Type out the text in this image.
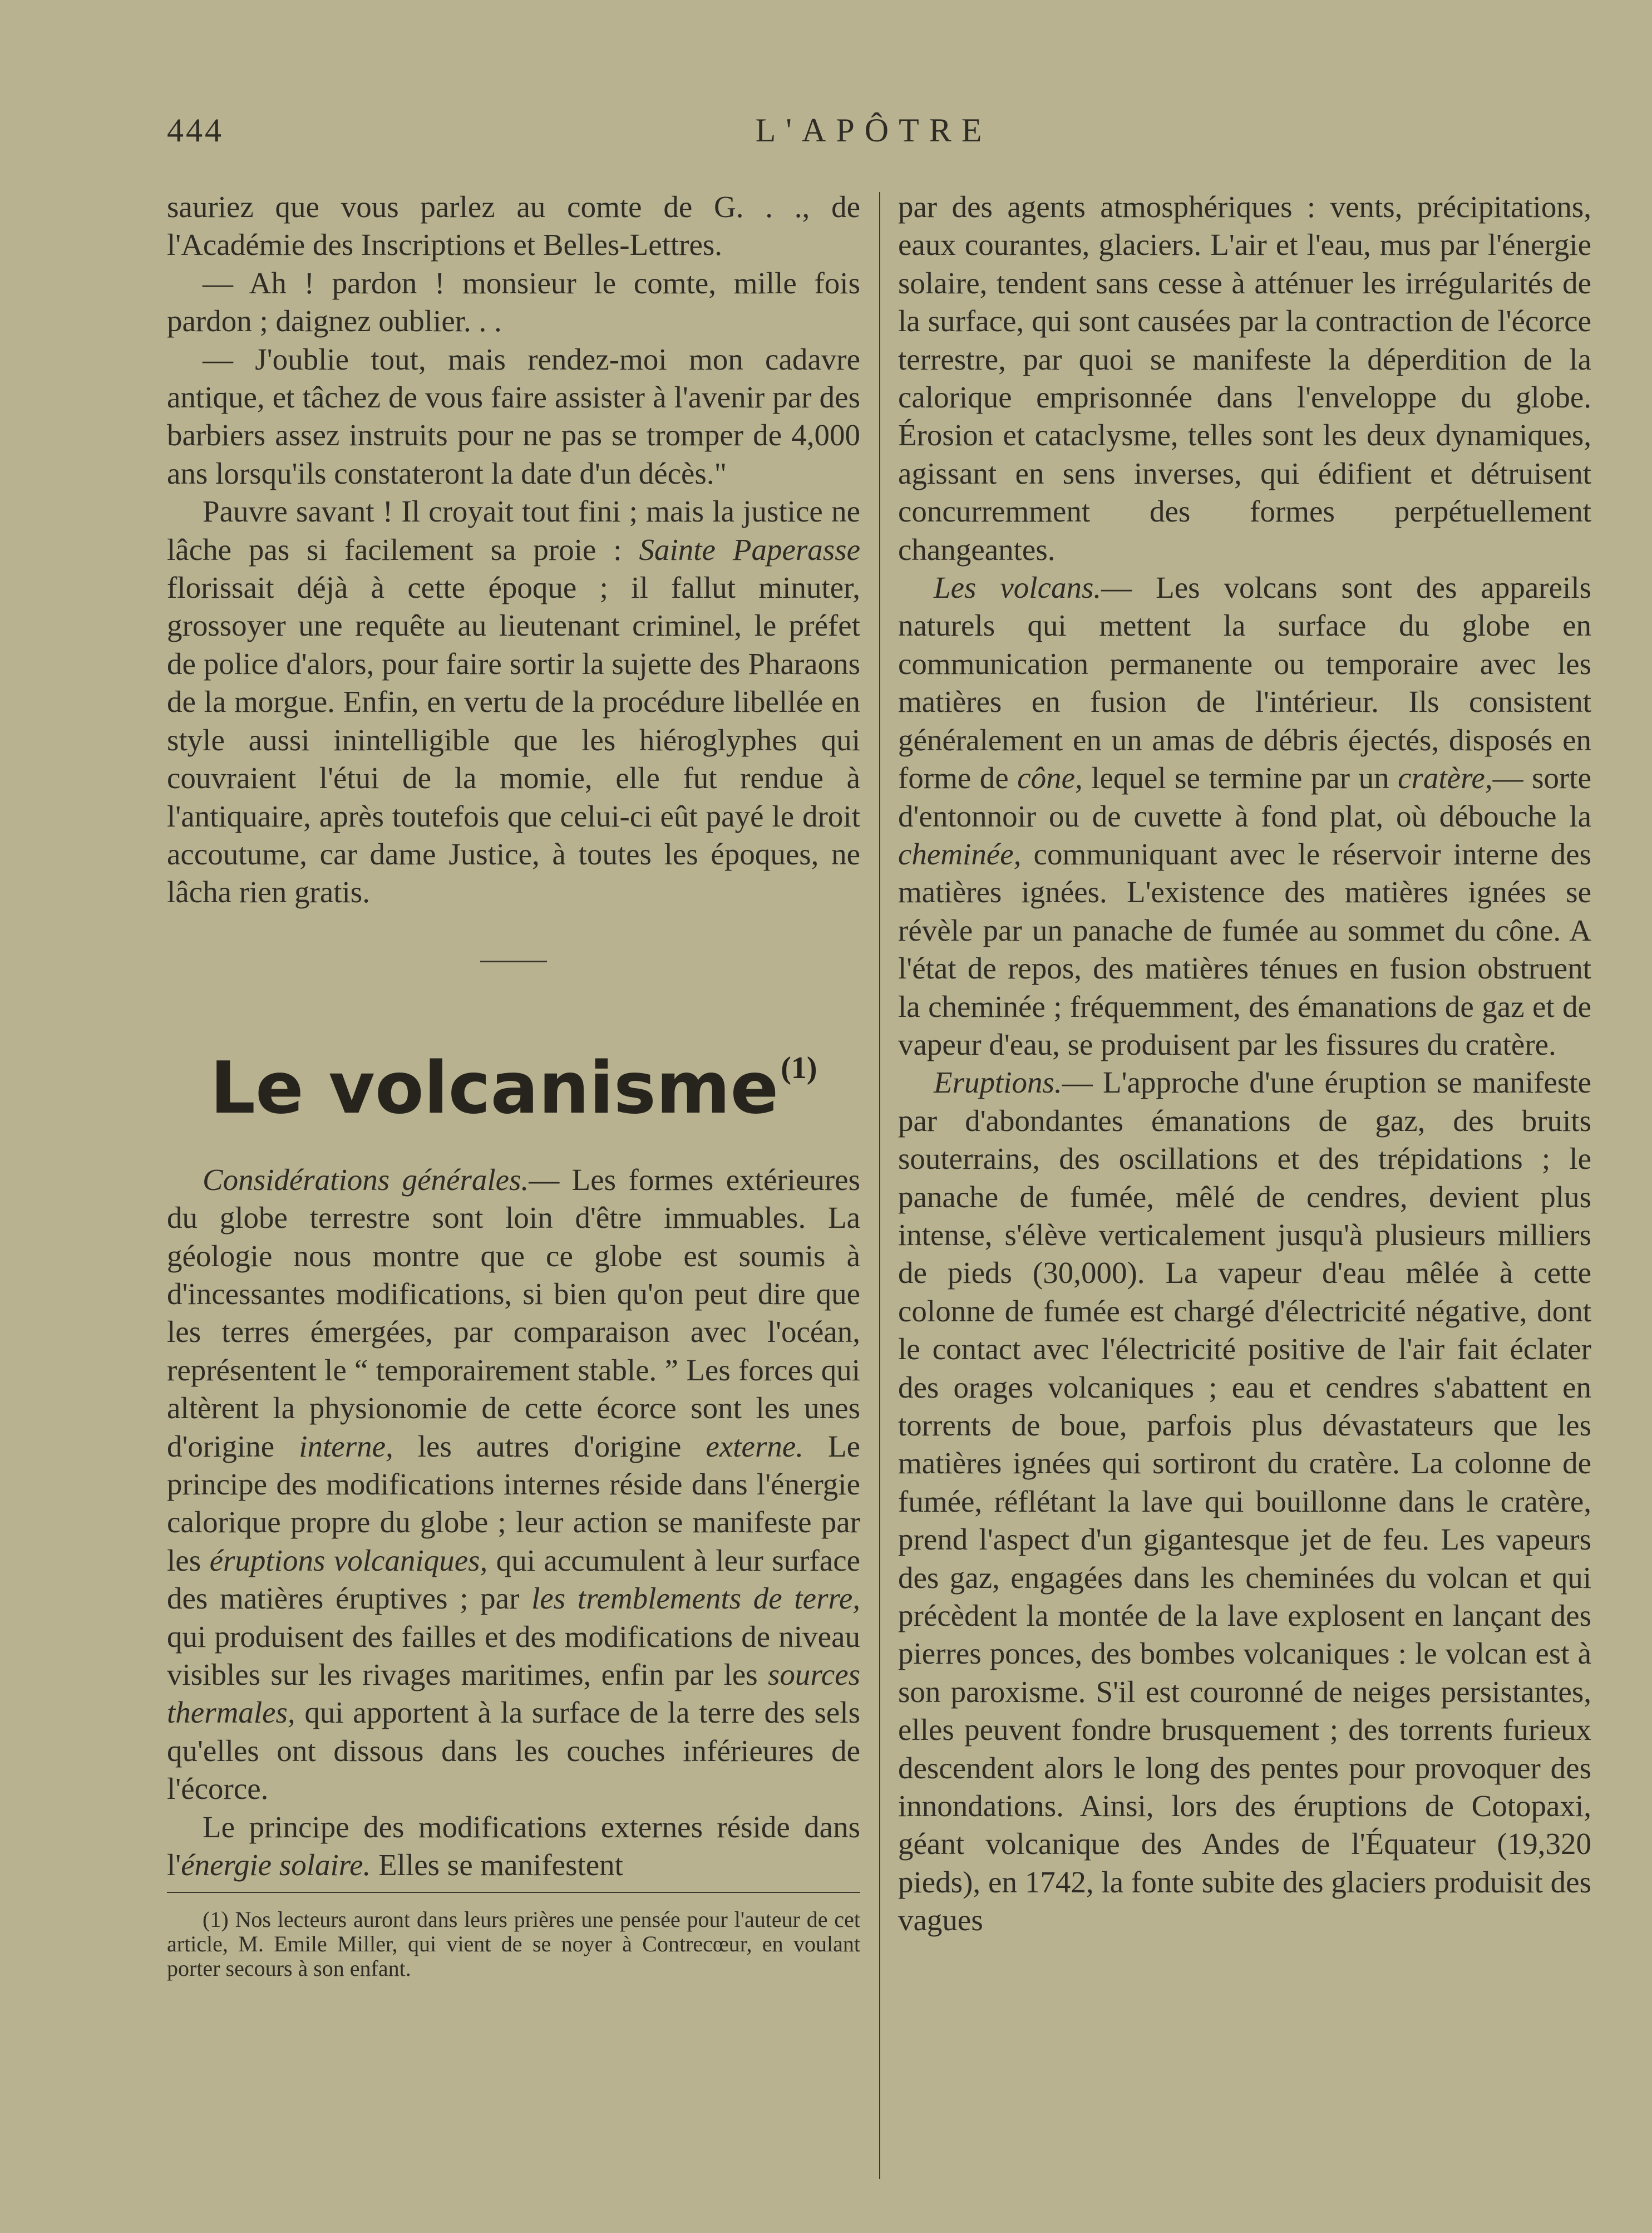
444	L'APÔTRE

sauriez que vous parlez au comte de G. . ., de l'Académie des Inscriptions et Belles-Lettres.

— Ah ! pardon ! monsieur le comte, mille fois pardon ; daignez oublier. . .

— J'oublie tout, mais rendez-moi mon cadavre antique, et tâchez de vous faire assister à l'avenir par des barbiers assez instruits pour ne pas se tromper de 4,000 ans lorsqu'ils constateront la date d'un décès."

Pauvre savant ! Il croyait tout fini ; mais la justice ne lâche pas si facilement sa proie : Sainte Paperasse florissait déjà à cette époque ; il fallut minuter, grossoyer une requête au lieutenant criminel, le préfet de police d'alors, pour faire sortir la sujette des Pharaons de la morgue. Enfin, en vertu de la procédure libellée en style aussi inintelligible que les hiéroglyphes qui couvraient l'étui de la momie, elle fut rendue à l'antiquaire, après toutefois que celui-ci eût payé le droit accoutume, car dame Justice, à toutes les époques, ne lâcha rien gratis.

Le volcanisme$^{(1)}$

Considérations générales.— Les formes extérieures du globe terrestre sont loin d'être immuables. La géologie nous montre que ce globe est soumis à d'incessantes modifications, si bien qu'on peut dire que les terres émergées, par comparaison avec l'océan, représentent le “ temporairement stable. ” Les forces qui altèrent la physionomie de cette écorce sont les unes d'origine interne, les autres d'origine externe. Le principe des modifications internes réside dans l'énergie calorique propre du globe ; leur action se manifeste par les éruptions volcaniques, qui accumulent à leur surface des matières éruptives ; par les tremblements de terre, qui produisent des failles et des modifications de niveau visibles sur les rivages maritimes, enfin par les sources thermales, qui apportent à la surface de la terre des sels qu'elles ont dissous dans les couches inférieures de l'écorce.

Le principe des modifications externes réside dans l'énergie solaire. Elles se manifestent

(1) Nos lecteurs auront dans leurs prières une pensée pour l'auteur de cet article, M. Emile Miller, qui vient de se noyer à Contrecœur, en voulant porter secours à son enfant.

par des agents atmosphériques : vents, précipitations, eaux courantes, glaciers. L'air et l'eau, mus par l'énergie solaire, tendent sans cesse à atténuer les irrégularités de la surface, qui sont causées par la contraction de l'écorce terrestre, par quoi se manifeste la déperdition de la calorique emprisonnée dans l'enveloppe du globe. Érosion et cataclysme, telles sont les deux dynamiques, agissant en sens inverses, qui édifient et détruisent concurremment des formes perpétuellement changeantes.

Les volcans.— Les volcans sont des appareils naturels qui mettent la surface du globe en communication permanente ou temporaire avec les matières en fusion de l'intérieur. Ils consistent généralement en un amas de débris éjectés, disposés en forme de cône, lequel se termine par un cratère,— sorte d'entonnoir ou de cuvette à fond plat, où débouche la cheminée, communiquant avec le réservoir interne des matières ignées. L'existence des matières ignées se révèle par un panache de fumée au sommet du cône. A l'état de repos, des matières ténues en fusion obstruent la cheminée ; fréquemment, des émanations de gaz et de vapeur d'eau, se produisent par les fissures du cratère.

Eruptions.— L'approche d'une éruption se manifeste par d'abondantes émanations de gaz, des bruits souterrains, des oscillations et des trépidations ; le panache de fumée, mêlé de cendres, devient plus intense, s'élève verticalement jusqu'à plusieurs milliers de pieds (30,000). La vapeur d'eau mêlée à cette colonne de fumée est chargé d'électricité négative, dont le contact avec l'électricité positive de l'air fait éclater des orages volcaniques ; eau et cendres s'abattent en torrents de boue, parfois plus dévastateurs que les matières ignées qui sortiront du cratère. La colonne de fumée, réflétant la lave qui bouillonne dans le cratère, prend l'aspect d'un gigantesque jet de feu. Les vapeurs des gaz, engagées dans les cheminées du volcan et qui précèdent la montée de la lave explosent en lançant des pierres ponces, des bombes volcaniques : le volcan est à son paroxisme. S'il est couronné de neiges persistantes, elles peuvent fondre brusquement ; des torrents furieux descendent alors le long des pentes pour provoquer des innondations. Ainsi, lors des éruptions de Cotopaxi, géant volcanique des Andes de l'Équateur (19,320 pieds), en 1742, la fonte subite des glaciers produisit des vagues
